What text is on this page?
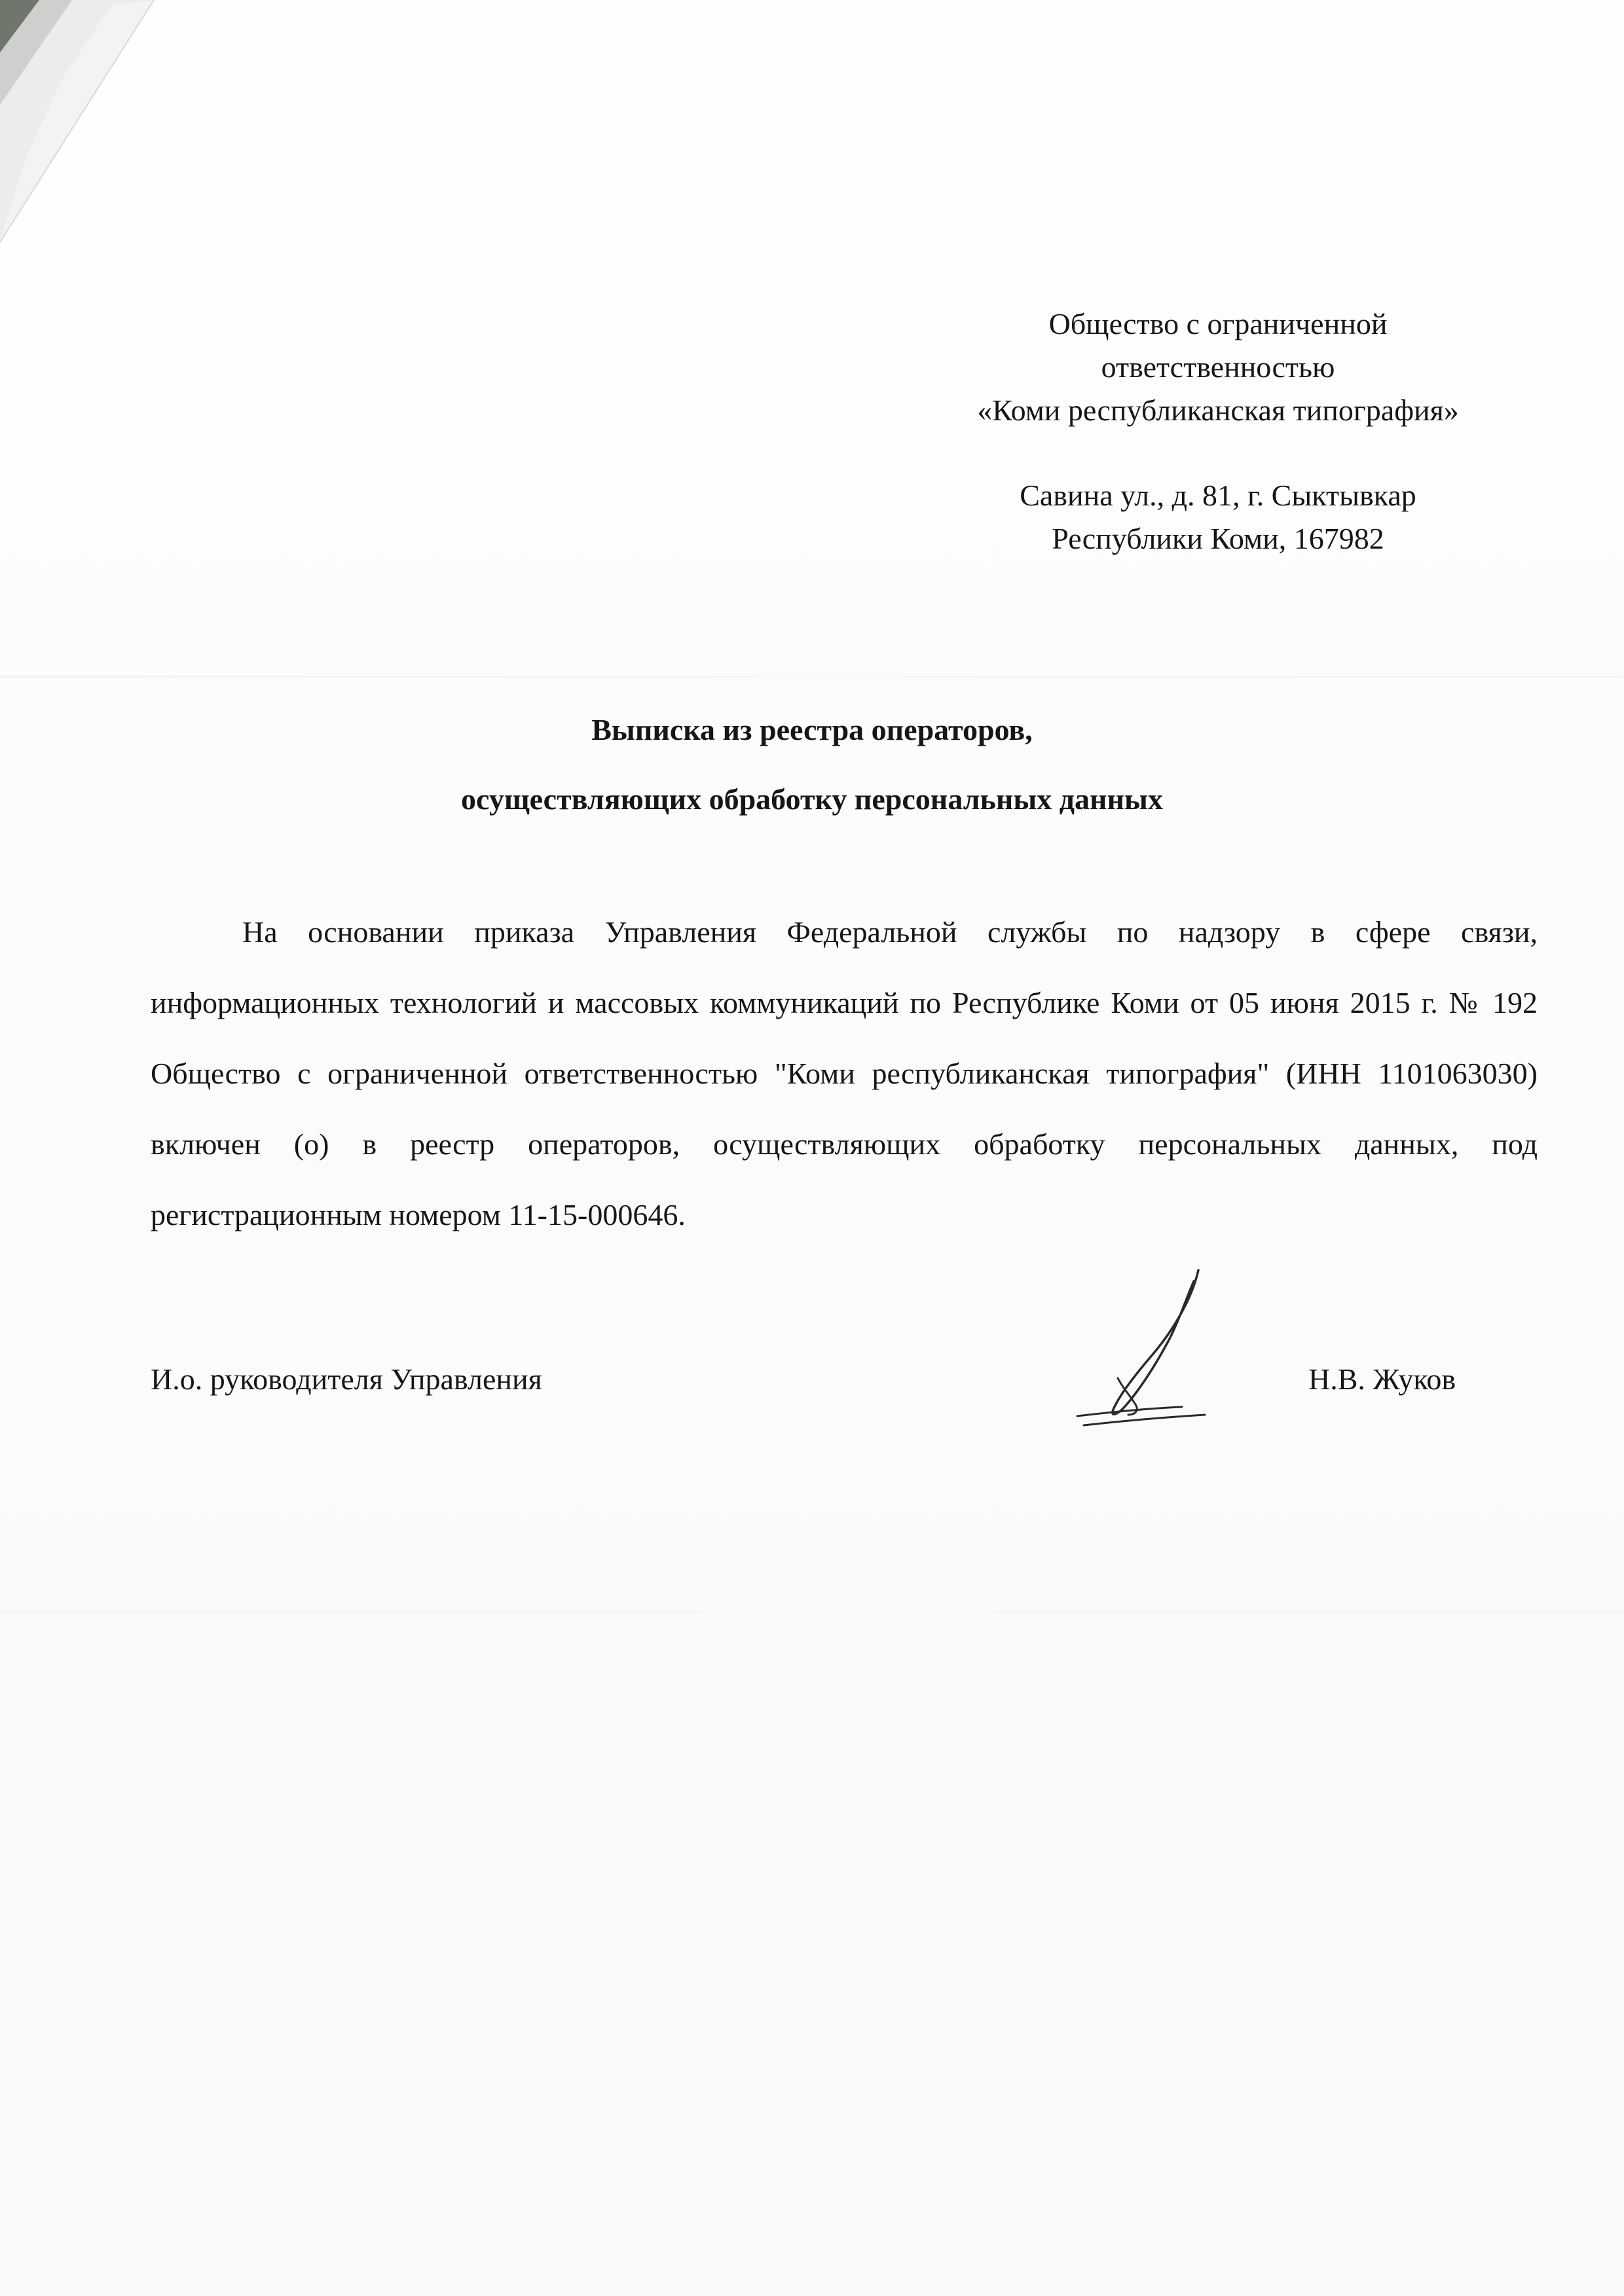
Общество с ограниченной
ответственностью
«Коми республиканская типография»
Савина ул., д. 81, г. Сыктывкар
Республики Коми, 167982
Выписка из реестра операторов,
осуществляющих обработку персональных данных
На основании приказа Управления Федеральной службы по надзору в сфере связи, информационных технологий и массовых коммуникаций по Республике Коми от 05 июня 2015 г. № 192 Общество с ограниченной ответственностью "Коми республиканская типография" (ИНН 1101063030) включен (о) в реестр операторов, осуществляющих обработку персональных данных, под регистрационным номером 11-15-000646.
И.о. руководителя Управления	Н.В. Жуков
